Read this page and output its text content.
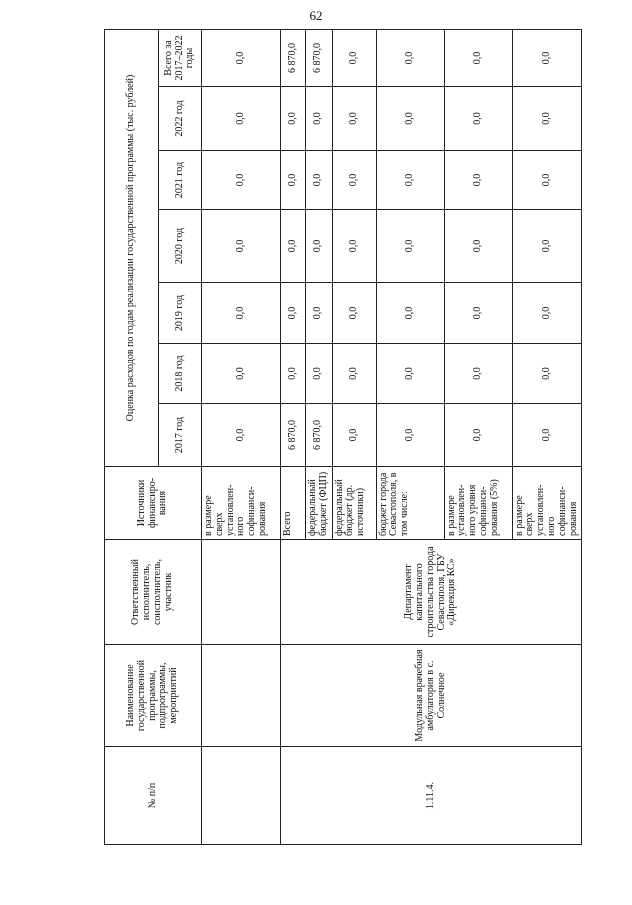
62
№ п/п	Наименование государственной программы, подпрограммы, мероприятий	Ответственный исполнитель, соисполнитель, участник	Источники финансиро-вания	Оценка расходов по годам реализации государственной программы (тыс. рублей)						
				2017 год	2018 год	2019 год	2020 год	2021 год	2022 год	Всего за 2017–2022 годы
			в размере сверх установлен-ного софинанси-рования	0,0	0,0	0,0	0,0	0,0	0,0	0,0
1.11.4.	Модульная врачебная амбулатория в с. Солнечное	Департамент капитального строительства города Севастополя, ГБУ «Дирекция КС»	Всего	6 870,0	0,0	0,0	0,0	0,0	0,0	6 870,0
			федеральный бюджет (ФЦП)	6 870,0	0,0	0,0	0,0	0,0	0,0	6 870,0
			федеральный бюджет (др. источники)	0,0	0,0	0,0	0,0	0,0	0,0	0,0
			бюджет города Севастополя, в том числе:	0,0	0,0	0,0	0,0	0,0	0,0	0,0
			в размере установлен-ного уровня софинанси-рования (5%)	0,0	0,0	0,0	0,0	0,0	0,0	0,0
			в размере сверх установлен-ного софинанси-рования	0,0	0,0	0,0	0,0	0,0	0,0	0,0
